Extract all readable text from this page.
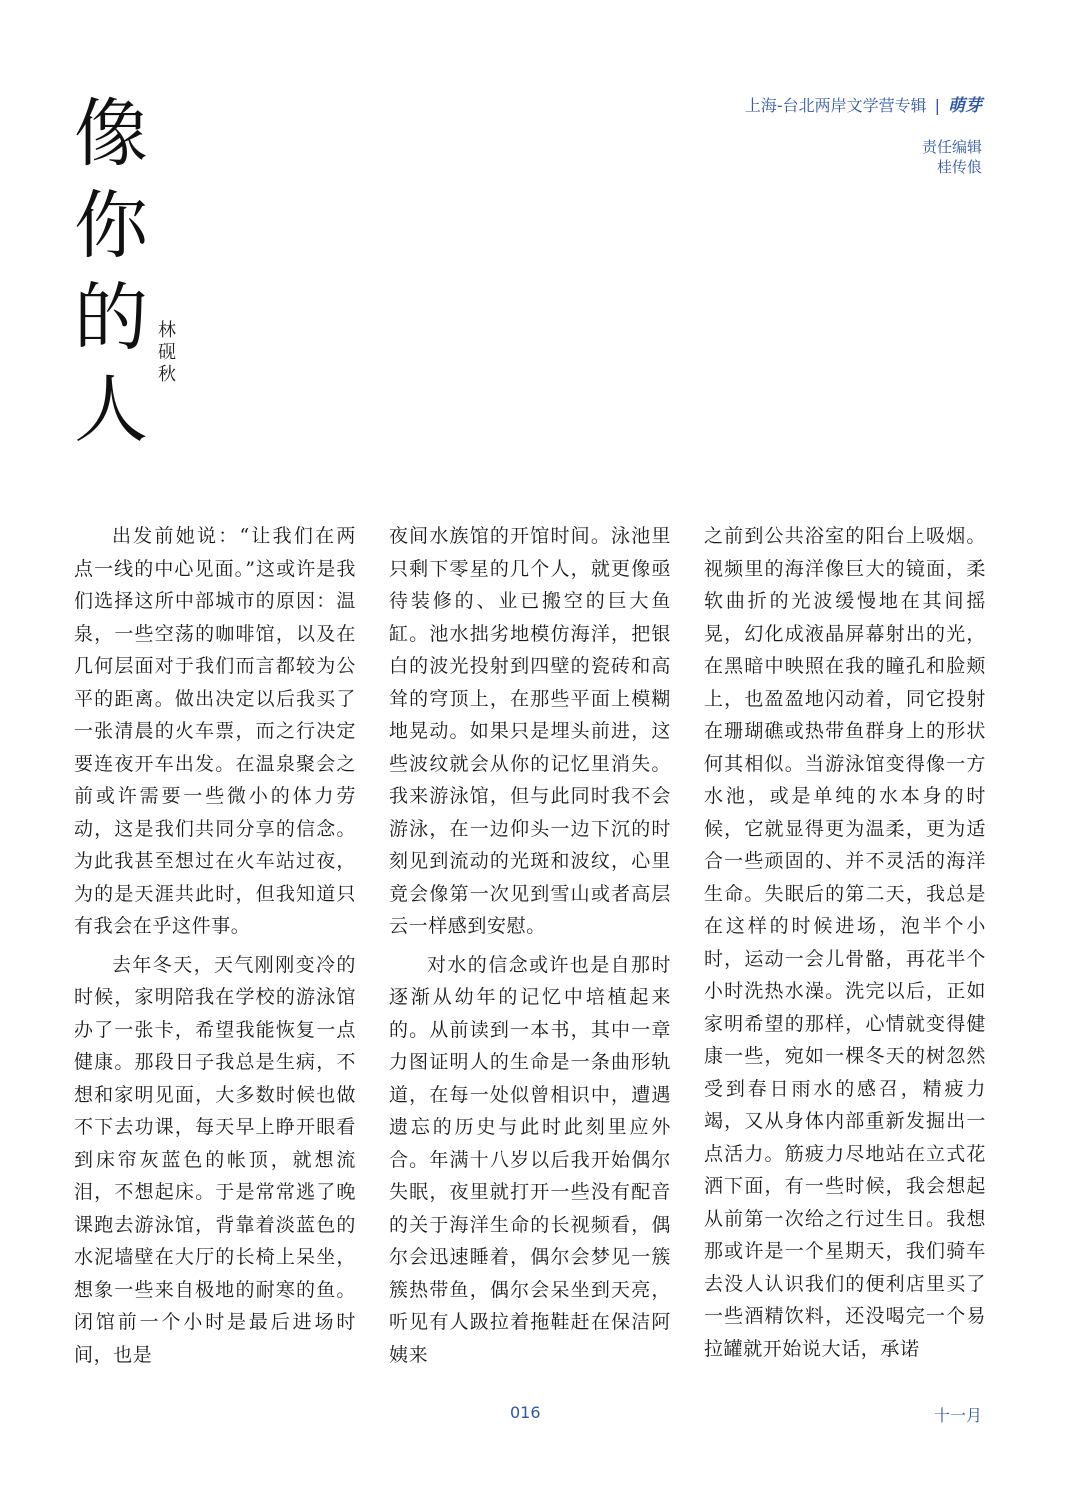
像
你
的
人
林
砚
秋
上海-台北两岸文学营专辑 | 萌芽
责任编辑
桂传俍

出发前她说：“让我们在两点一线的中心见面。”这或许是我们选择这所中部城市的原因：温泉，一些空荡的咖啡馆，以及在几何层面对于我们而言都较为公平的距离。做出决定以后我买了一张清晨的火车票，而之行决定要连夜开车出发。在温泉聚会之前或许需要一些微小的体力劳动，这是我们共同分享的信念。为此我甚至想过在火车站过夜，为的是天涯共此时，但我知道只有我会在乎这件事。

去年冬天，天气刚刚变冷的时候，家明陪我在学校的游泳馆办了一张卡，希望我能恢复一点健康。那段日子我总是生病，不想和家明见面，大多数时候也做不下去功课，每天早上睁开眼看到床帘灰蓝色的帐顶，就想流泪，不想起床。于是常常逃了晚课跑去游泳馆，背靠着淡蓝色的水泥墙壁在大厅的长椅上呆坐，想象一些来自极地的耐寒的鱼。闭馆前一个小时是最后进场时间，也是

夜间水族馆的开馆时间。泳池里只剩下零星的几个人，就更像亟待装修的、业已搬空的巨大鱼缸。池水拙劣地模仿海洋，把银白的波光投射到四壁的瓷砖和高耸的穹顶上，在那些平面上模糊地晃动。如果只是埋头前进，这些波纹就会从你的记忆里消失。我来游泳馆，但与此同时我不会游泳，在一边仰头一边下沉的时刻见到流动的光斑和波纹，心里竟会像第一次见到雪山或者高层云一样感到安慰。

对水的信念或许也是自那时逐渐从幼年的记忆中培植起来的。从前读到一本书，其中一章力图证明人的生命是一条曲形轨道，在每一处似曾相识中，遭遇遗忘的历史与此时此刻里应外合。年满十八岁以后我开始偶尔失眠，夜里就打开一些没有配音的关于海洋生命的长视频看，偶尔会迅速睡着，偶尔会梦见一簇簇热带鱼，偶尔会呆坐到天亮，听见有人趿拉着拖鞋赶在保洁阿姨来

之前到公共浴室的阳台上吸烟。视频里的海洋像巨大的镜面，柔软曲折的光波缓慢地在其间摇晃，幻化成液晶屏幕射出的光，在黑暗中映照在我的瞳孔和脸颊上，也盈盈地闪动着，同它投射在珊瑚礁或热带鱼群身上的形状何其相似。当游泳馆变得像一方水池，或是单纯的水本身的时候，它就显得更为温柔，更为适合一些顽固的、并不灵活的海洋生命。失眠后的第二天，我总是在这样的时候进场，泡半个小时，运动一会儿骨骼，再花半个小时洗热水澡。洗完以后，正如家明希望的那样，心情就变得健康一些，宛如一棵冬天的树忽然受到春日雨水的感召，精疲力竭，又从身体内部重新发掘出一点活力。筋疲力尽地站在立式花洒下面，有一些时候，我会想起从前第一次给之行过生日。我想那或许是一个星期天，我们骑车去没人认识我们的便利店里买了一些酒精饮料，还没喝完一个易拉罐就开始说大话，承诺

016	十一月
